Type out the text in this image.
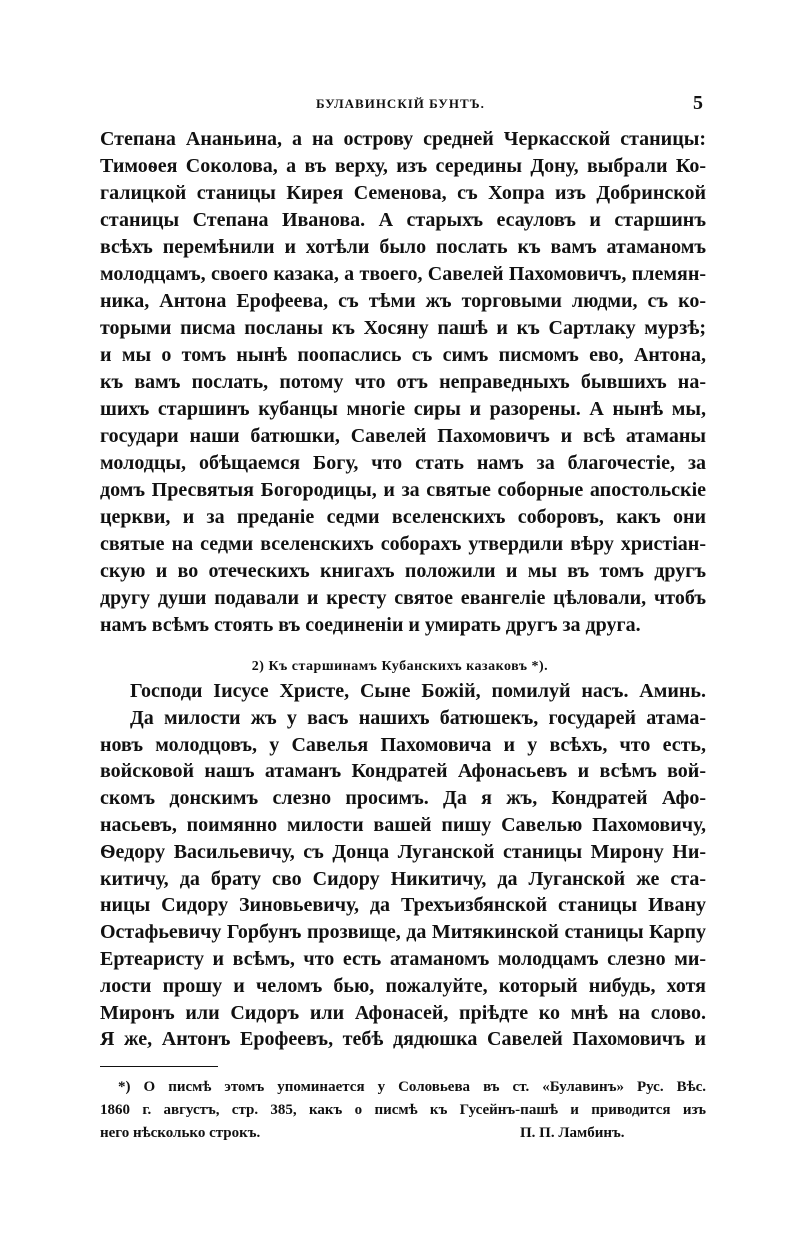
БУЛАВИНСКІЙ БУНТЪ.	5
Степана Ананьина, а на острову средней Черкасской станицы:
Тимоѳея Соколова, а въ верху, изъ середины Дону, выбрали Ко-
галицкой станицы Кирея Семенова, съ Хопра изъ Добринской
станицы Степана Иванова. А старыхъ есауловъ и старшинъ
всѣхъ перемѣнили и хотѣли было послать къ вамъ атаманомъ
молодцамъ, своего казака, а твоего, Савелей Пахомовичъ, племян-
ника, Антона Ерофеева, съ тѣми жъ торговыми людми, съ ко-
торыми писма посланы къ Хосяну пашѣ и къ Сартлаку мурзѣ;
и мы о томъ нынѣ поопаслись съ симъ писмомъ ево, Антона,
къ вамъ послать, потому что отъ неправедныхъ бывшихъ на-
шихъ старшинъ кубанцы многіе сиры и разорены. А нынѣ мы,
государи наши батюшки, Савелей Пахомовичъ и всѣ атаманы
молодцы, обѣщаемся Богу, что стать намъ за благочестіе, за
домъ Пресвятыя Богородицы, и за святые соборные апостольскіе
церкви, и за преданіе седми вселенскихъ соборовъ, какъ они
святые на седми вселенскихъ соборахъ утвердили вѣру христіан-
скую и во отеческихъ книгахъ положили и мы въ томъ другъ
другу души подавали и кресту святое евангеліе цѣловали, чтобъ
намъ всѣмъ стоять въ соединеніи и умирать другъ за друга.
2) Къ старшинамъ Кубанскихъ казаковъ *).
Господи Іисусе Христе, Сыне Божій, помилуй насъ. Аминь.
Да милости жъ у васъ нашихъ батюшекъ, государей атама-
новъ молодцовъ, у Савелья Пахомовича и у всѣхъ, что есть,
войсковой нашъ атаманъ Кондратей Афонасьевъ и всѣмъ вой-
скомъ донскимъ слезно просимъ. Да я жъ, Кондратей Афо-
насьевъ, поимянно милости вашей пишу Савелью Пахомовичу,
Ѳедору Васильевичу, съ Донца Луганской станицы Мирону Ни-
китичу, да брату сво Сидору Никитичу, да Луганской же ста-
ницы Сидору Зиновьевичу, да Трехъизбянской станицы Ивану
Остафьевичу Горбунъ прозвище, да Митякинской станицы Карпу
Ертеаристу и всѣмъ, что есть атаманомъ молодцамъ слезно ми-
лости прошу и челомъ бью, пожалуйте, который нибудь, хотя
Миронъ или Сидоръ или Афонасей, пріѣдте ко мнѣ на слово.
Я же, Антонъ Ерофеевъ, тебѣ дядюшка Савелей Пахомовичъ и
*) О писмѣ этомъ упоминается у Соловьева въ ст. «Булавинъ» Рус. Вѣс.
1860 г. августъ, стр. 385, какъ о писмѣ къ Гусейнъ-пашѣ и приводится изъ
него нѣсколько строкъ.	П. П. Ламбинъ.
